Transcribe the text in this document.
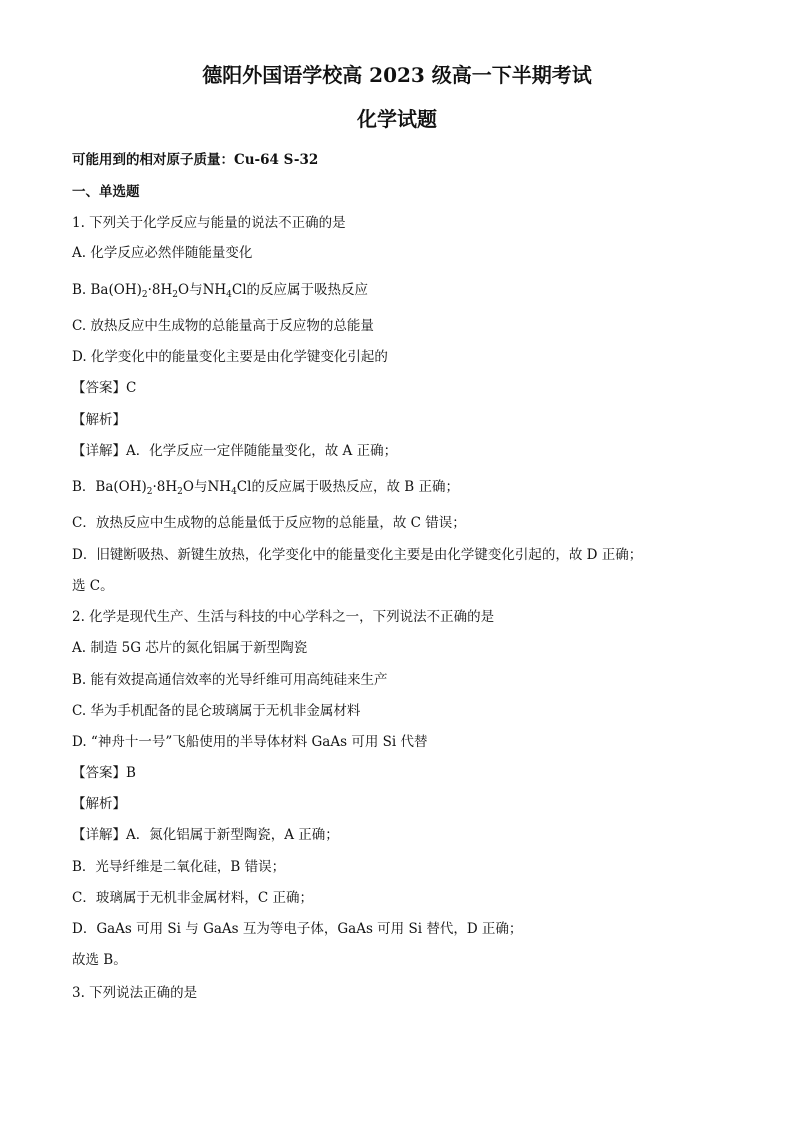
德阳外国语学校高 2023 级高一下半期考试
化学试题
可能用到的相对原子质量：Cu-64 S-32
一、单选题
1. 下列关于化学反应与能量的说法不正确的是
A. 化学反应必然伴随能量变化
B. $Ba(OH)_2\cdot 8H_2O$与$NH_4Cl$的反应属于吸热反应
C. 放热反应中生成物的总能量高于反应物的总能量
D. 化学变化中的能量变化主要是由化学键变化引起的
【答案】C
【解析】
【详解】A．化学反应一定伴随能量变化，故 A 正确；
B．$Ba(OH)_2\cdot 8H_2O$与$NH_4Cl$的反应属于吸热反应，故 B 正确；
C．放热反应中生成物的总能量低于反应物的总能量，故 C 错误；
D．旧键断吸热、新键生放热，化学变化中的能量变化主要是由化学键变化引起的，故 D 正确；
选 C。
2. 化学是现代生产、生活与科技的中心学科之一，下列说法不正确的是
A. 制造 5G 芯片的氮化铝属于新型陶瓷
B. 能有效提高通信效率的光导纤维可用高纯硅来生产
C. 华为手机配备的昆仑玻璃属于无机非金属材料
D. “神舟十一号”飞船使用的半导体材料 GaAs 可用 Si 代替
【答案】B
【解析】
【详解】A．氮化铝属于新型陶瓷，A 正确；
B．光导纤维是二氧化硅，B 错误；
C．玻璃属于无机非金属材料，C 正确；
D．GaAs 可用 Si 与 GaAs 互为等电子体，GaAs 可用 Si 替代，D 正确；
故选 B。
3. 下列说法正确的是
